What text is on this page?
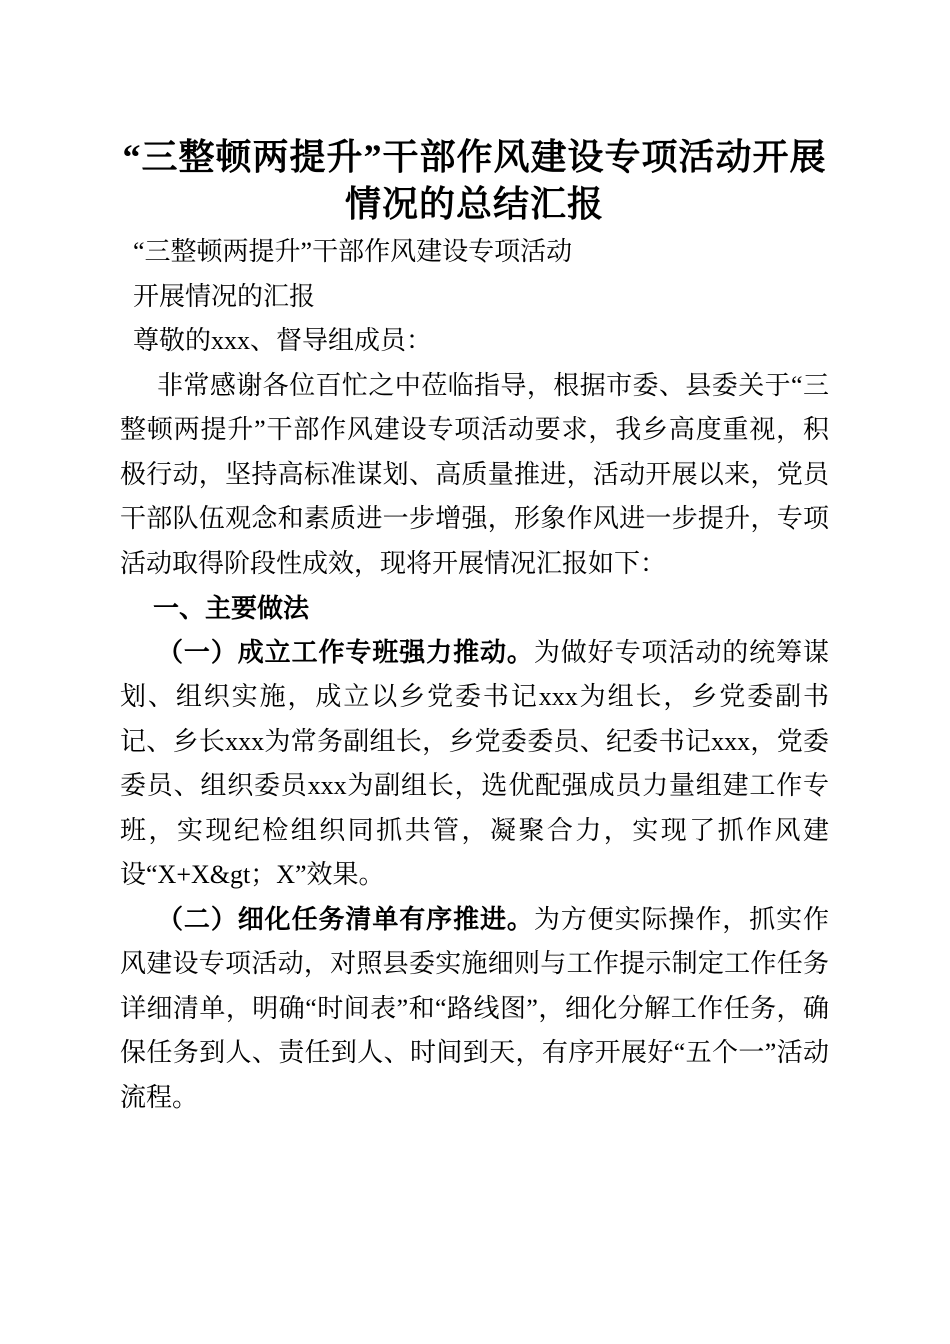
“三整顿两提升”干部作风建设专项活动开展
情况的总结汇报

“三整顿两提升”干部作风建设专项活动

开展情况的汇报

尊敬的xxx、督导组成员：

非常感谢各位百忙之中莅临指导，根据市委、县委关于“三整顿两提升”干部作风建设专项活动要求，我乡高度重视，积极行动，坚持高标准谋划、高质量推进，活动开展以来，党员干部队伍观念和素质进一步增强，形象作风进一步提升，专项活动取得阶段性成效，现将开展情况汇报如下：

一、主要做法

（一）成立工作专班强力推动。为做好专项活动的统筹谋划、组织实施，成立以乡党委书记xxx为组长，乡党委副书记、乡长xxx为常务副组长，乡党委委员、纪委书记xxx，党委委员、组织委员xxx为副组长，选优配强成员力量组建工作专班，实现纪检组织同抓共管，凝聚合力，实现了抓作风建设“X+X&gt；X”效果。

（二）细化任务清单有序推进。为方便实际操作，抓实作风建设专项活动，对照县委实施细则与工作提示制定工作任务详细清单，明确“时间表”和“路线图”，细化分解工作任务，确保任务到人、责任到人、时间到天，有序开展好“五个一”活动流程。
